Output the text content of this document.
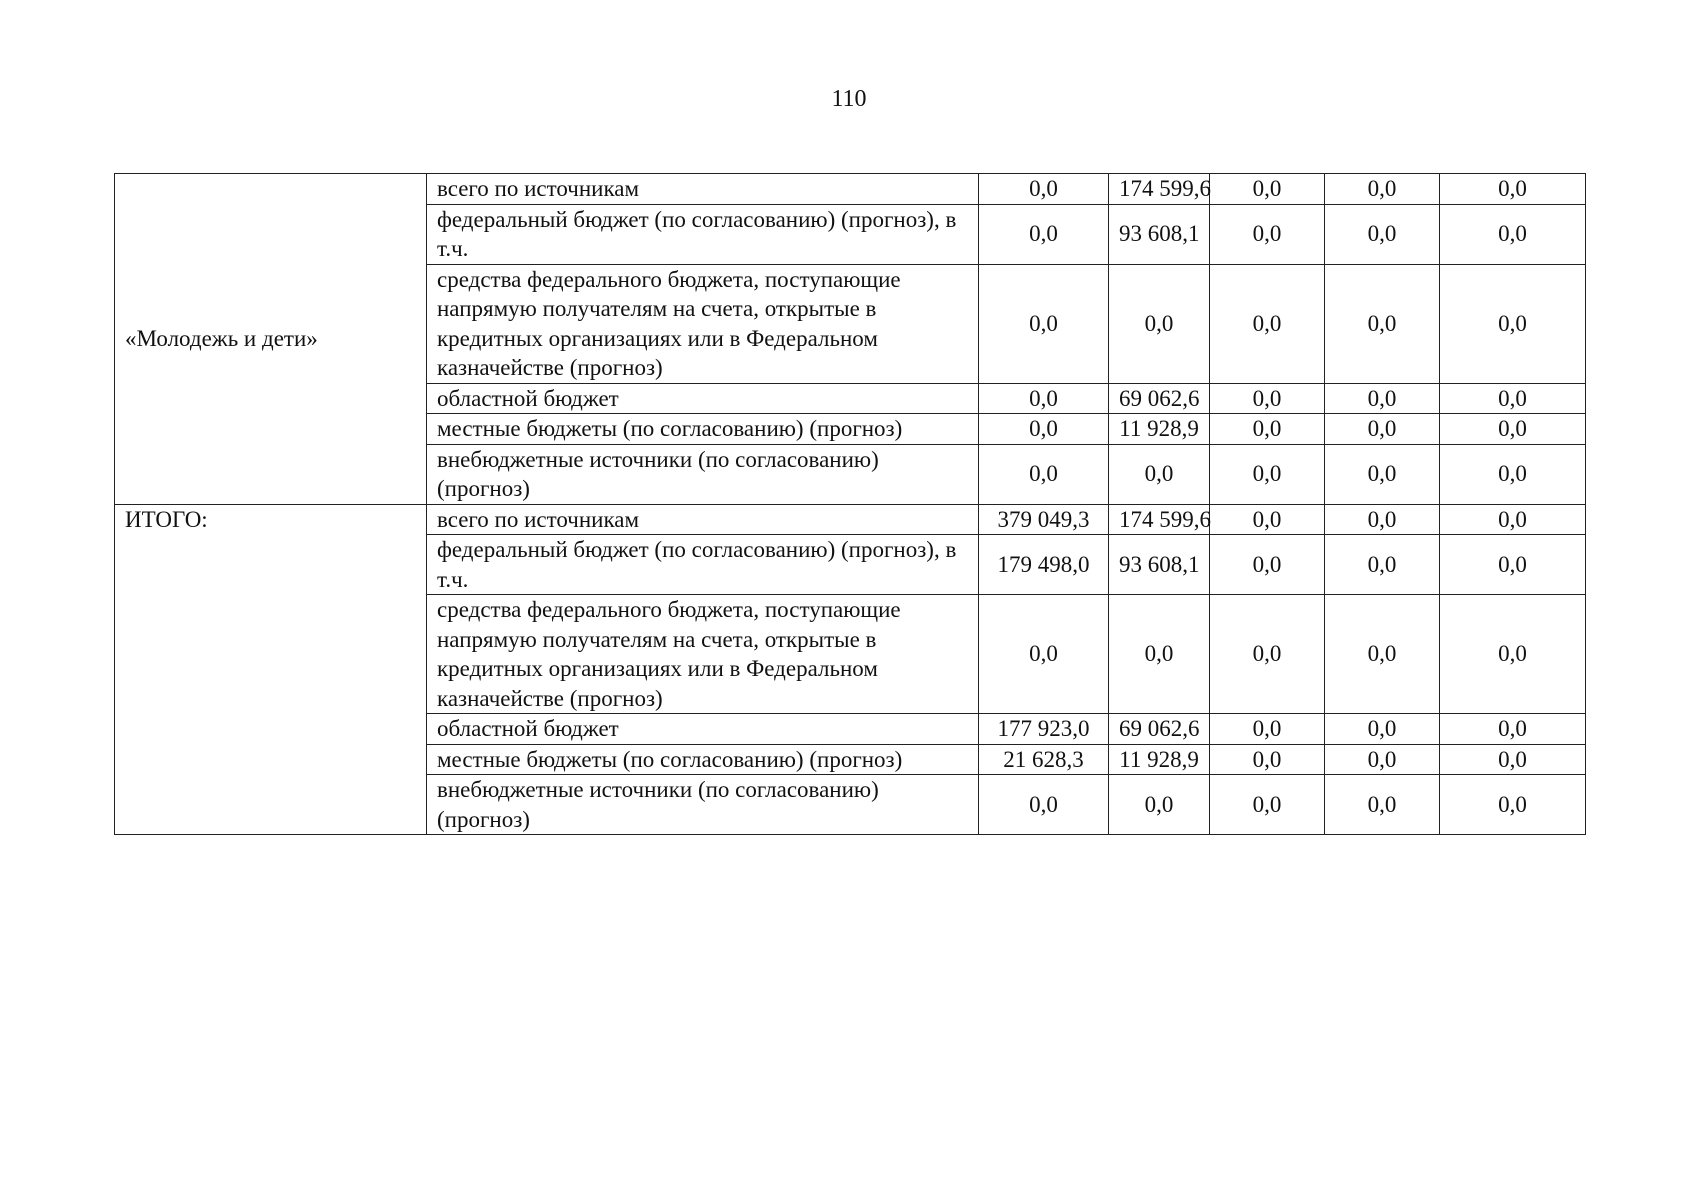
110
«Молодежь и дети»	всего по источникам	0,0	174 599,6	0,0	0,0	0,0
	федеральный бюджет (по согласованию) (прогноз), в т.ч.	0,0	93 608,1	0,0	0,0	0,0
	средства федерального бюджета, поступающие напрямую получателям на счета, открытые в кредитных организациях или в Федеральном казначействе (прогноз)	0,0	0,0	0,0	0,0	0,0
	областной бюджет	0,0	69 062,6	0,0	0,0	0,0
	местные бюджеты (по согласованию) (прогноз)	0,0	11 928,9	0,0	0,0	0,0
	внебюджетные источники (по согласованию) (прогноз)	0,0	0,0	0,0	0,0	0,0
ИТОГО:	всего по источникам	379 049,3	174 599,6	0,0	0,0	0,0
	федеральный бюджет (по согласованию) (прогноз), в т.ч.	179 498,0	93 608,1	0,0	0,0	0,0
	средства федерального бюджета, поступающие напрямую получателям на счета, открытые в кредитных организациях или в Федеральном казначействе (прогноз)	0,0	0,0	0,0	0,0	0,0
	областной бюджет	177 923,0	69 062,6	0,0	0,0	0,0
	местные бюджеты (по согласованию) (прогноз)	21 628,3	11 928,9	0,0	0,0	0,0
	внебюджетные источники (по согласованию) (прогноз)	0,0	0,0	0,0	0,0	0,0
